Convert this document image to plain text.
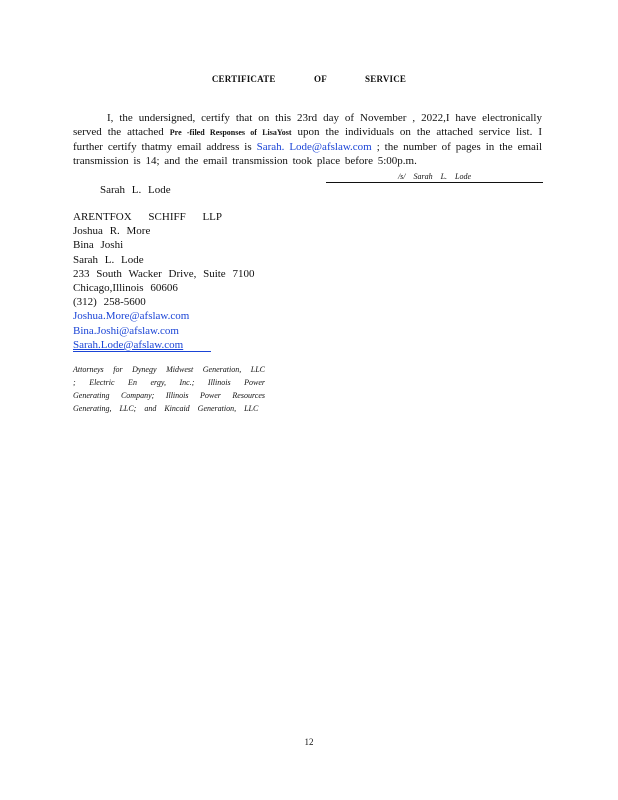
CERTIFICATE OF SERVICE

I, the undersigned, certify that on this 23rd day of November , 2022,I have electronically served the attached Pre -filed Responses of LisaYost upon the individuals on the attached service list. I further certify thatmy email address is Sarah. Lode@afslaw.com ; the number of pages in the email transmission is 14; and the email transmission took place before 5:00p.m.

/s/ Sarah L. Lode
Sarah L. Lode
ARENTFOX SCHIFF LLP
Joshua R. More
Bina Joshi
Sarah L. Lode
233 South Wacker Drive, Suite 7100
Chicago,Illinois 60606
(312) 258-5600
Joshua.More@afslaw.com
Bina.Joshi@afslaw.com
Sarah.Lode@afslaw.com
Attorneys for Dynegy Midwest Generation, LLC ; Electric En ergy, Inc.; Illinois Power Generating Company; Illinois Power Resources Generating, LLC; and Kincaid Generation, LLC
12
